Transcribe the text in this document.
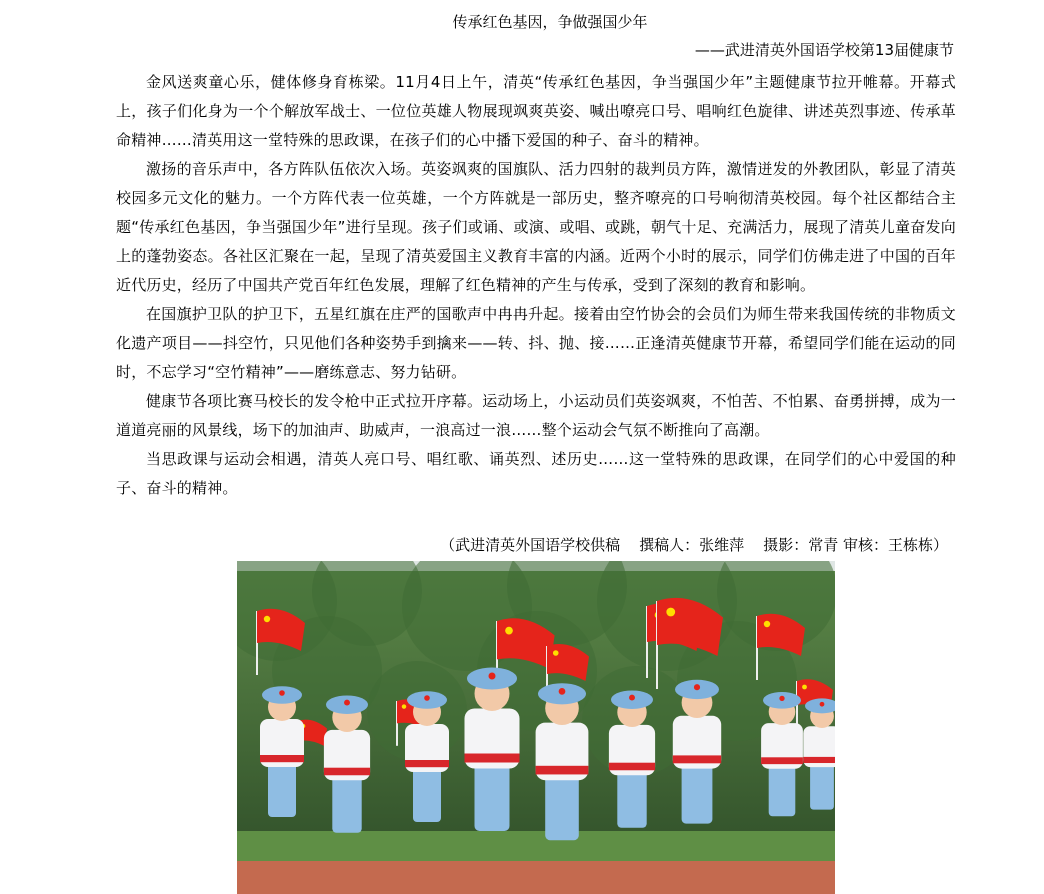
传承红色基因，争做强国少年
——武进清英外国语学校第13届健康节

金风送爽童心乐，健体修身育栋梁。11月4日上午，清英“传承红色基因，争当强国少年”主题健康节拉开帷幕。开幕式上，孩子们化身为一个个解放军战士、一位位英雄人物展现飒爽英姿、喊出嘹亮口号、唱响红色旋律、讲述英烈事迹、传承革命精神……清英用这一堂特殊的思政课，在孩子们的心中播下爱国的种子、奋斗的精神。

激扬的音乐声中，各方阵队伍依次入场。英姿飒爽的国旗队、活力四射的裁判员方阵，激情迸发的外教团队，彰显了清英校园多元文化的魅力。一个方阵代表一位英雄，一个方阵就是一部历史，整齐嘹亮的口号响彻清英校园。每个社区都结合主题“传承红色基因，争当强国少年”进行呈现。孩子们或诵、或演、或唱、或跳，朝气十足、充满活力，展现了清英儿童奋发向上的蓬勃姿态。各社区汇聚在一起，呈现了清英爱国主义教育丰富的内涵。近两个小时的展示，同学们仿佛走进了中国的百年近代历史，经历了中国共产党百年红色发展，理解了红色精神的产生与传承，受到了深刻的教育和影响。

在国旗护卫队的护卫下，五星红旗在庄严的国歌声中冉冉升起。接着由空竹协会的会员们为师生带来我国传统的非物质文化遗产项目——抖空竹，只见他们各种姿势手到擒来——转、抖、抛、接……正逢清英健康节开幕，希望同学们能在运动的同时，不忘学习“空竹精神”——磨练意志、努力钻研。

健康节各项比赛马校长的发令枪中正式拉开序幕。运动场上，小运动员们英姿飒爽，不怕苦、不怕累、奋勇拼搏，成为一道道亮丽的风景线，场下的加油声、助威声，一浪高过一浪……整个运动会气氛不断推向了高潮。

当思政课与运动会相遇，清英人亮口号、唱红歌、诵英烈、述历史……这一堂特殊的思政课，在同学们的心中爱国的种子、奋斗的精神。

（武进清英外国语学校供稿    撰稿人：张维萍    摄影：常青 审核：王栋栋）
